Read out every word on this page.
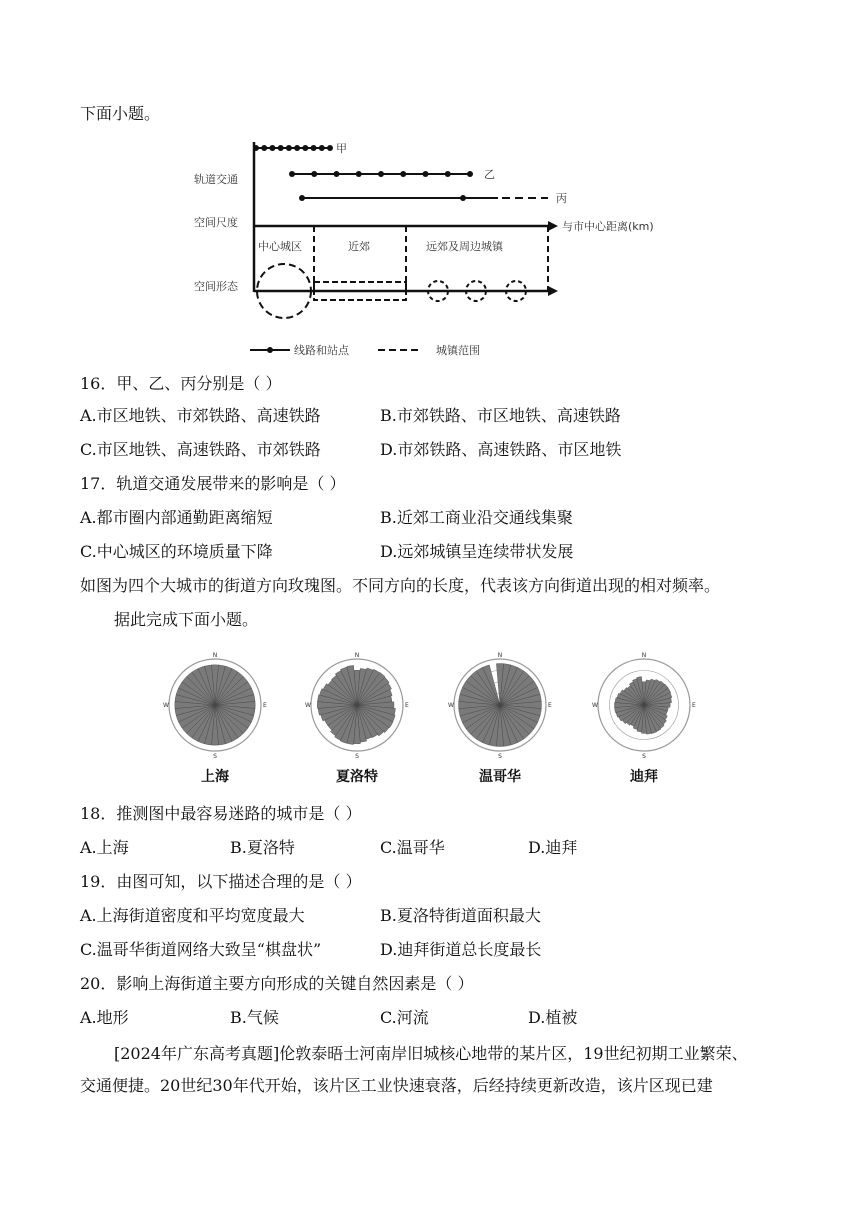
下面小题。
轨道交通
空间尺度
空间形态
甲
乙
丙
与市中心距离(km)
中心城区	近郊	远郊及周边城镇
线路和站点	城镇范围
16．甲、乙、丙分别是（ ）
A.市区地铁、市郊铁路、高速铁路	B.市郊铁路、市区地铁、高速铁路
C.市区地铁、高速铁路、市郊铁路	D.市郊铁路、高速铁路、市区地铁
17．轨道交通发展带来的影响是（ ）
A.都市圈内部通勤距离缩短	B.近郊工商业沿交通线集聚
C.中心城区的环境质量下降	D.远郊城镇呈连续带状发展
如图为四个大城市的街道方向玫瑰图。不同方向的长度，代表该方向街道出现的相对频率。
据此完成下面小题。
N
S
W	E
N
S
W	E
N
S
W	E
N
S
W	E
上海	夏洛特	温哥华	迪拜
18．推测图中最容易迷路的城市是（ ）
A.上海	B.夏洛特	C.温哥华	D.迪拜
19．由图可知，以下描述合理的是（ ）
A.上海街道密度和平均宽度最大	B.夏洛特街道面积最大
C.温哥华街道网络大致呈“棋盘状”	D.迪拜街道总长度最长
20．影响上海街道主要方向形成的关键自然因素是（ ）
A.地形	B.气候	C.河流	D.植被
[2024年广东高考真题]伦敦泰晤士河南岸旧城核心地带的某片区，19世纪初期工业繁荣、
交通便捷。20世纪30年代开始，该片区工业快速衰落，后经持续更新改造，该片区现已建
